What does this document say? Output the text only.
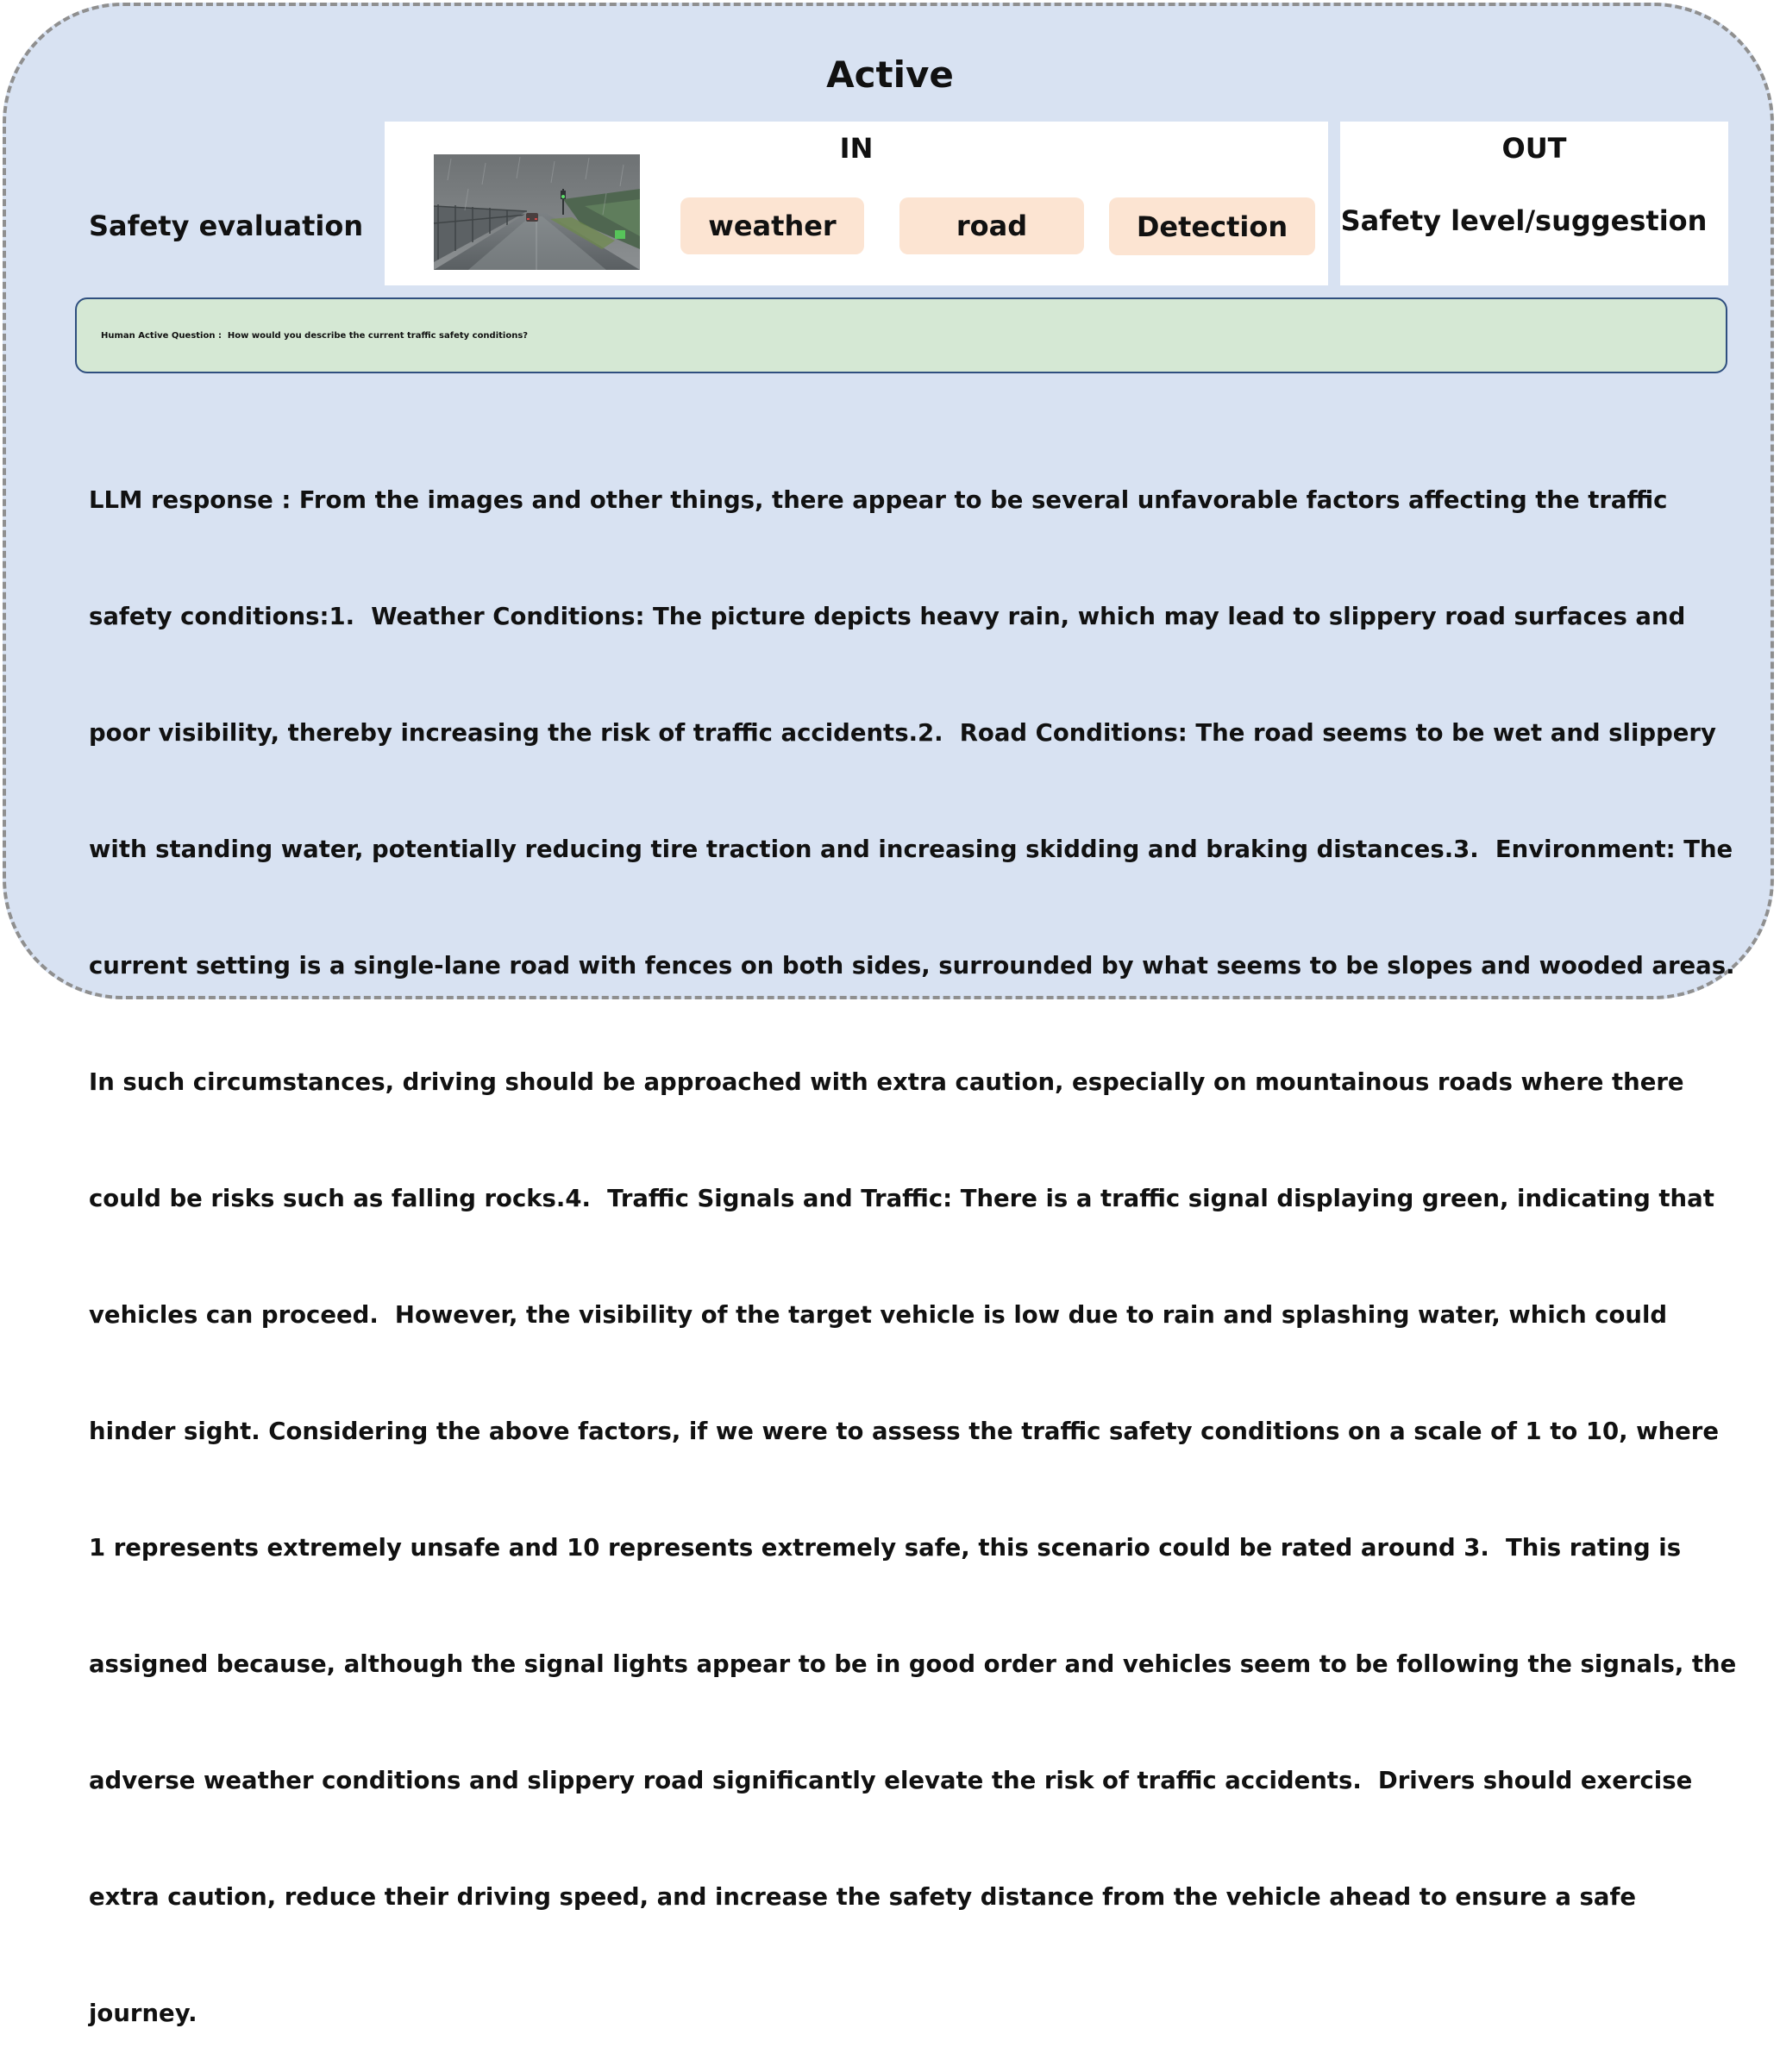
Active
Safety evaluation
IN	OUT
weather	road	Detection	Safety level/suggestion
Human Active Question : How would you describe the current traffic safety conditions?

LLM response : From the images and other things, there appear to be several unfavorable factors affecting the traffic

safety conditions:1.  Weather Conditions: The picture depicts heavy rain, which may lead to slippery road surfaces and

poor visibility, thereby increasing the risk of traffic accidents.2.  Road Conditions: The road seems to be wet and slippery

with standing water, potentially reducing tire traction and increasing skidding and braking distances.3.  Environment: The

current setting is a single-lane road with fences on both sides, surrounded by what seems to be slopes and wooded areas.

In such circumstances, driving should be approached with extra caution, especially on mountainous roads where there

could be risks such as falling rocks.4.  Traffic Signals and Traffic: There is a traffic signal displaying green, indicating that

vehicles can proceed.  However, the visibility of the target vehicle is low due to rain and splashing water, which could

hinder sight. Considering the above factors, if we were to assess the traffic safety conditions on a scale of 1 to 10, where

1 represents extremely unsafe and 10 represents extremely safe, this scenario could be rated around 3.  This rating is

assigned because, although the signal lights appear to be in good order and vehicles seem to be following the signals, the

adverse weather conditions and slippery road significantly elevate the risk of traffic accidents.  Drivers should exercise

extra caution, reduce their driving speed, and increase the safety distance from the vehicle ahead to ensure a safe

journey.
